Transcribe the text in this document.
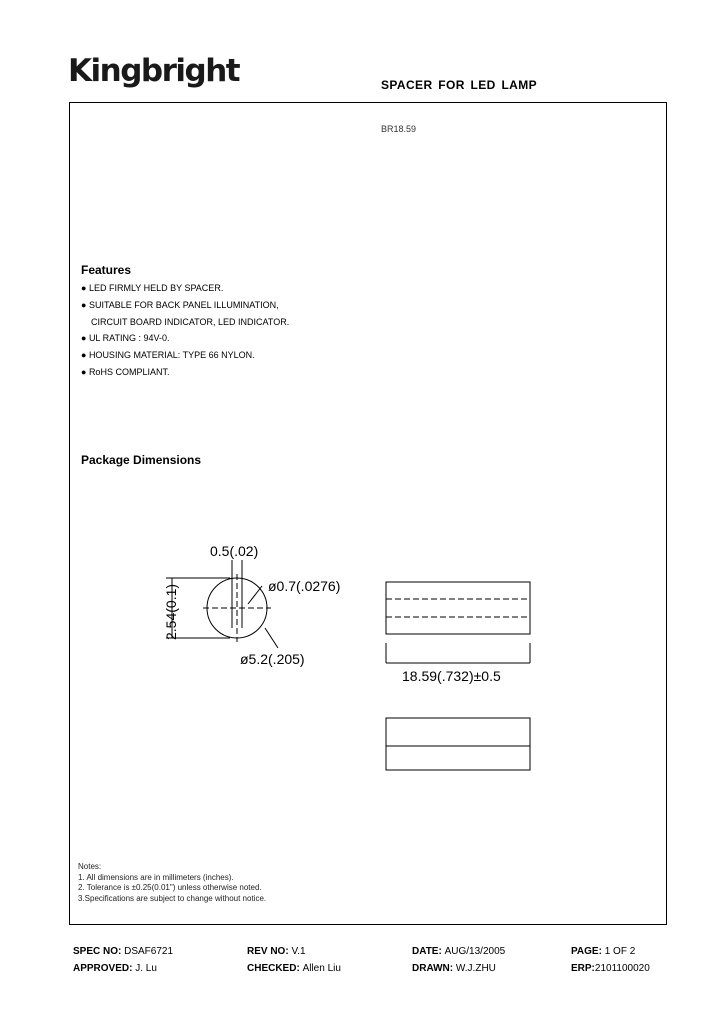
Kingbright	SPACER FOR LED LAMP
BR18.59
Features
● LED FIRMLY HELD BY SPACER.
● SUITABLE FOR BACK PANEL ILLUMINATION,
CIRCUIT BOARD INDICATOR, LED INDICATOR.
● UL RATING : 94V-0.
● HOUSING MATERIAL: TYPE 66 NYLON.
● RoHS COMPLIANT.
Package Dimensions
0.5(.02)
2.54(0.1)	ø0.7(.0276)
ø5.2(.205)
18.59(.732)±0.5
Notes:
1. All dimensions are in millimeters (inches).
2. Tolerance is ±0.25(0.01") unless otherwise noted.
3.Specifications are subject to change without notice.
SPEC NO: DSAF6721	REV NO: V.1	DATE: AUG/13/2005	PAGE: 1 OF 2
APPROVED: J. Lu	CHECKED: Allen Liu	DRAWN: W.J.ZHU	ERP:2101100020
